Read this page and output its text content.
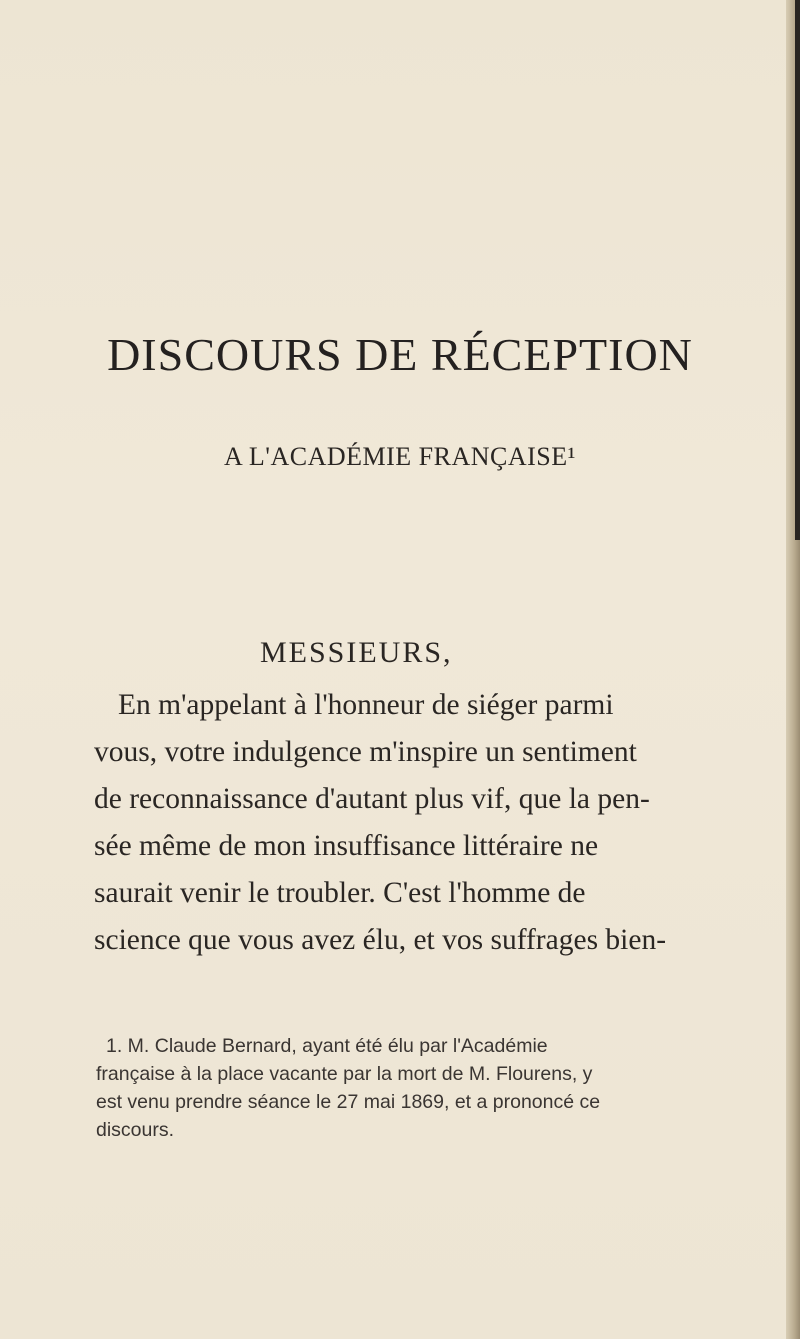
DISCOURS DE RÉCEPTION
A L'ACADÉMIE FRANÇAISE¹
MESSIEURS,
En m'appelant à l'honneur de siéger parmi
vous, votre indulgence m'inspire un sentiment
de reconnaissance d'autant plus vif, que la pen-
sée même de mon insuffisance littéraire ne
saurait venir le troubler. C'est l'homme de
science que vous avez élu, et vos suffrages bien-
1. M. Claude Bernard, ayant été élu par l'Académie
française à la place vacante par la mort de M. Flourens, y
est venu prendre séance le 27 mai 1869, et a prononcé ce
discours.
